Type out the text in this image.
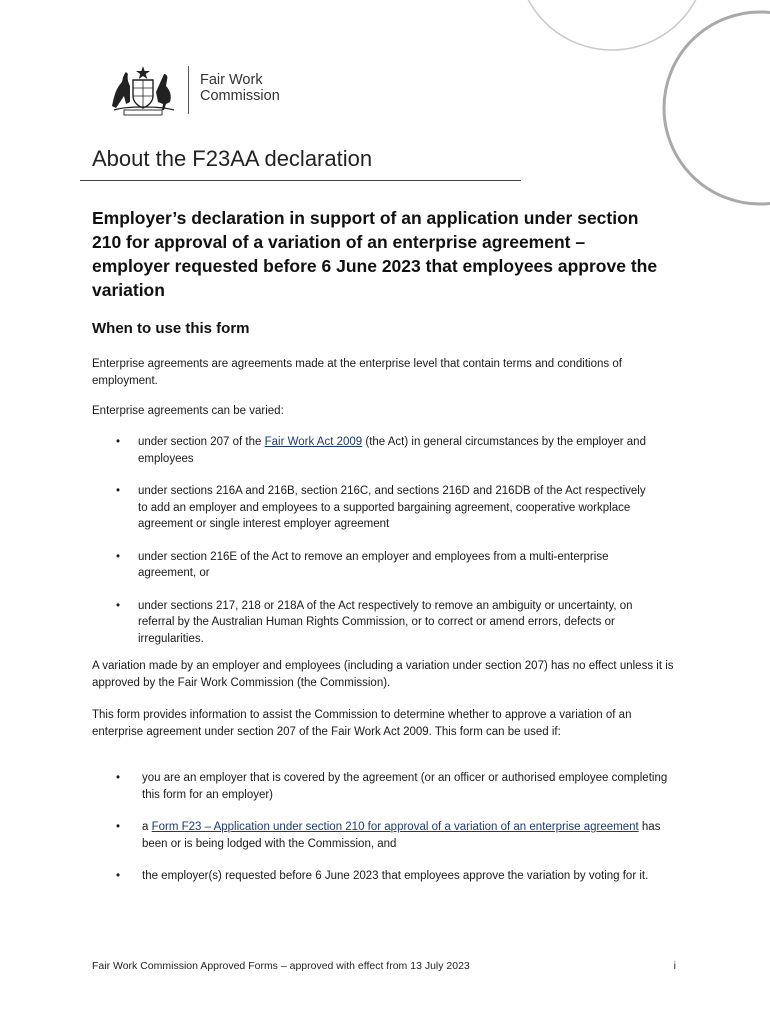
Fair Work
Commission
About the F23AA declaration
Employer’s declaration in support of an application under section 210 for approval of a variation of an enterprise agreement – employer requested before 6 June 2023 that employees approve the variation
When to use this form

Enterprise agreements are agreements made at the enterprise level that contain terms and conditions of employment.

Enterprise agreements can be varied:

• under section 207 of the Fair Work Act 2009 (the Act) in general circumstances by the employer and employees
• under sections 216A and 216B, section 216C, and sections 216D and 216DB of the Act respectively to add an employer and employees to a supported bargaining agreement, cooperative workplace agreement or single interest employer agreement
• under section 216E of the Act to remove an employer and employees from a multi-enterprise agreement, or
• under sections 217, 218 or 218A of the Act respectively to remove an ambiguity or uncertainty, on referral by the Australian Human Rights Commission, or to correct or amend errors, defects or irregularities.

A variation made by an employer and employees (including a variation under section 207) has no effect unless it is approved by the Fair Work Commission (the Commission).

This form provides information to assist the Commission to determine whether to approve a variation of an enterprise agreement under section 207 of the Fair Work Act 2009. This form can be used if:

• you are an employer that is covered by the agreement (or an officer or authorised employee completing this form for an employer)
• a Form F23 – Application under section 210 for approval of a variation of an enterprise agreement has been or is being lodged with the Commission, and
• the employer(s) requested before 6 June 2023 that employees approve the variation by voting for it.
Fair Work Commission Approved Forms – approved with effect from 13 July 2023	i
